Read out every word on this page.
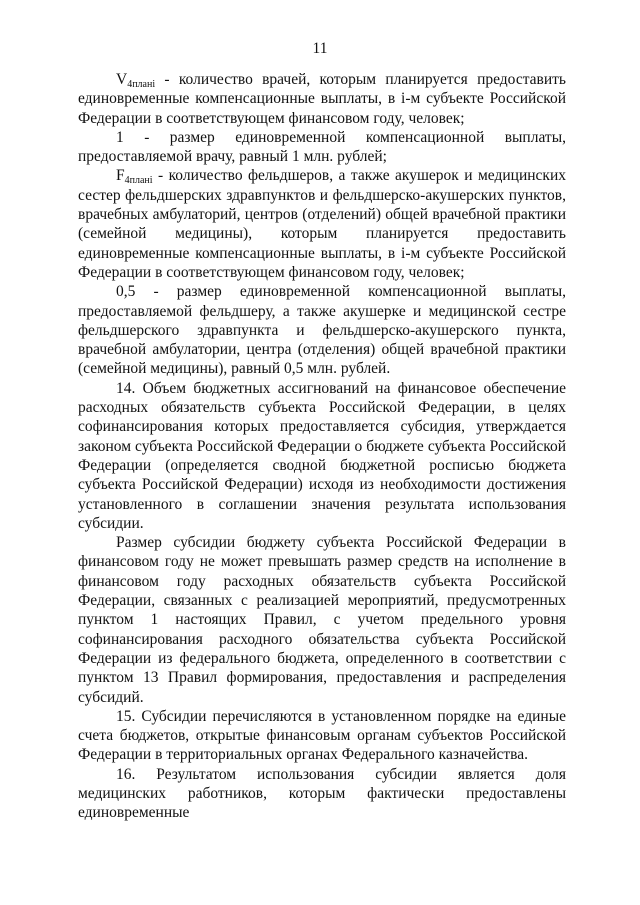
11

$V_{4плані}$ - количество врачей, которым планируется предоставить единовременные компенсационные выплаты, в i-м субъекте Российской Федерации в соответствующем финансовом году, человек;

1 - размер единовременной компенсационной выплаты, предоставляемой врачу, равный 1 млн. рублей;

$F_{4плані}$ - количество фельдшеров, а также акушерок и медицинских сестер фельдшерских здравпунктов и фельдшерско-акушерских пунктов, врачебных амбулаторий, центров (отделений) общей врачебной практики (семейной медицины), которым планируется предоставить единовременные компенсационные выплаты, в i-м субъекте Российской Федерации в соответствующем финансовом году, человек;

0,5 - размер единовременной компенсационной выплаты, предоставляемой фельдшеру, а также акушерке и медицинской сестре фельдшерского здравпункта и фельдшерско-акушерского пункта, врачебной амбулатории, центра (отделения) общей врачебной практики (семейной медицины), равный 0,5 млн. рублей.

14. Объем бюджетных ассигнований на финансовое обеспечение расходных обязательств субъекта Российской Федерации, в целях софинансирования которых предоставляется субсидия, утверждается законом субъекта Российской Федерации о бюджете субъекта Российской Федерации (определяется сводной бюджетной росписью бюджета субъекта Российской Федерации) исходя из необходимости достижения установленного в соглашении значения результата использования субсидии.

Размер субсидии бюджету субъекта Российской Федерации в финансовом году не может превышать размер средств на исполнение в финансовом году расходных обязательств субъекта Российской Федерации, связанных с реализацией мероприятий, предусмотренных пунктом 1 настоящих Правил, с учетом предельного уровня софинансирования расходного обязательства субъекта Российской Федерации из федерального бюджета, определенного в соответствии с пунктом 13 Правил формирования, предоставления и распределения субсидий.

15. Субсидии перечисляются в установленном порядке на единые счета бюджетов, открытые финансовым органам субъектов Российской Федерации в территориальных органах Федерального казначейства.

16. Результатом использования субсидии является доля медицинских работников, которым фактически предоставлены единовременные
